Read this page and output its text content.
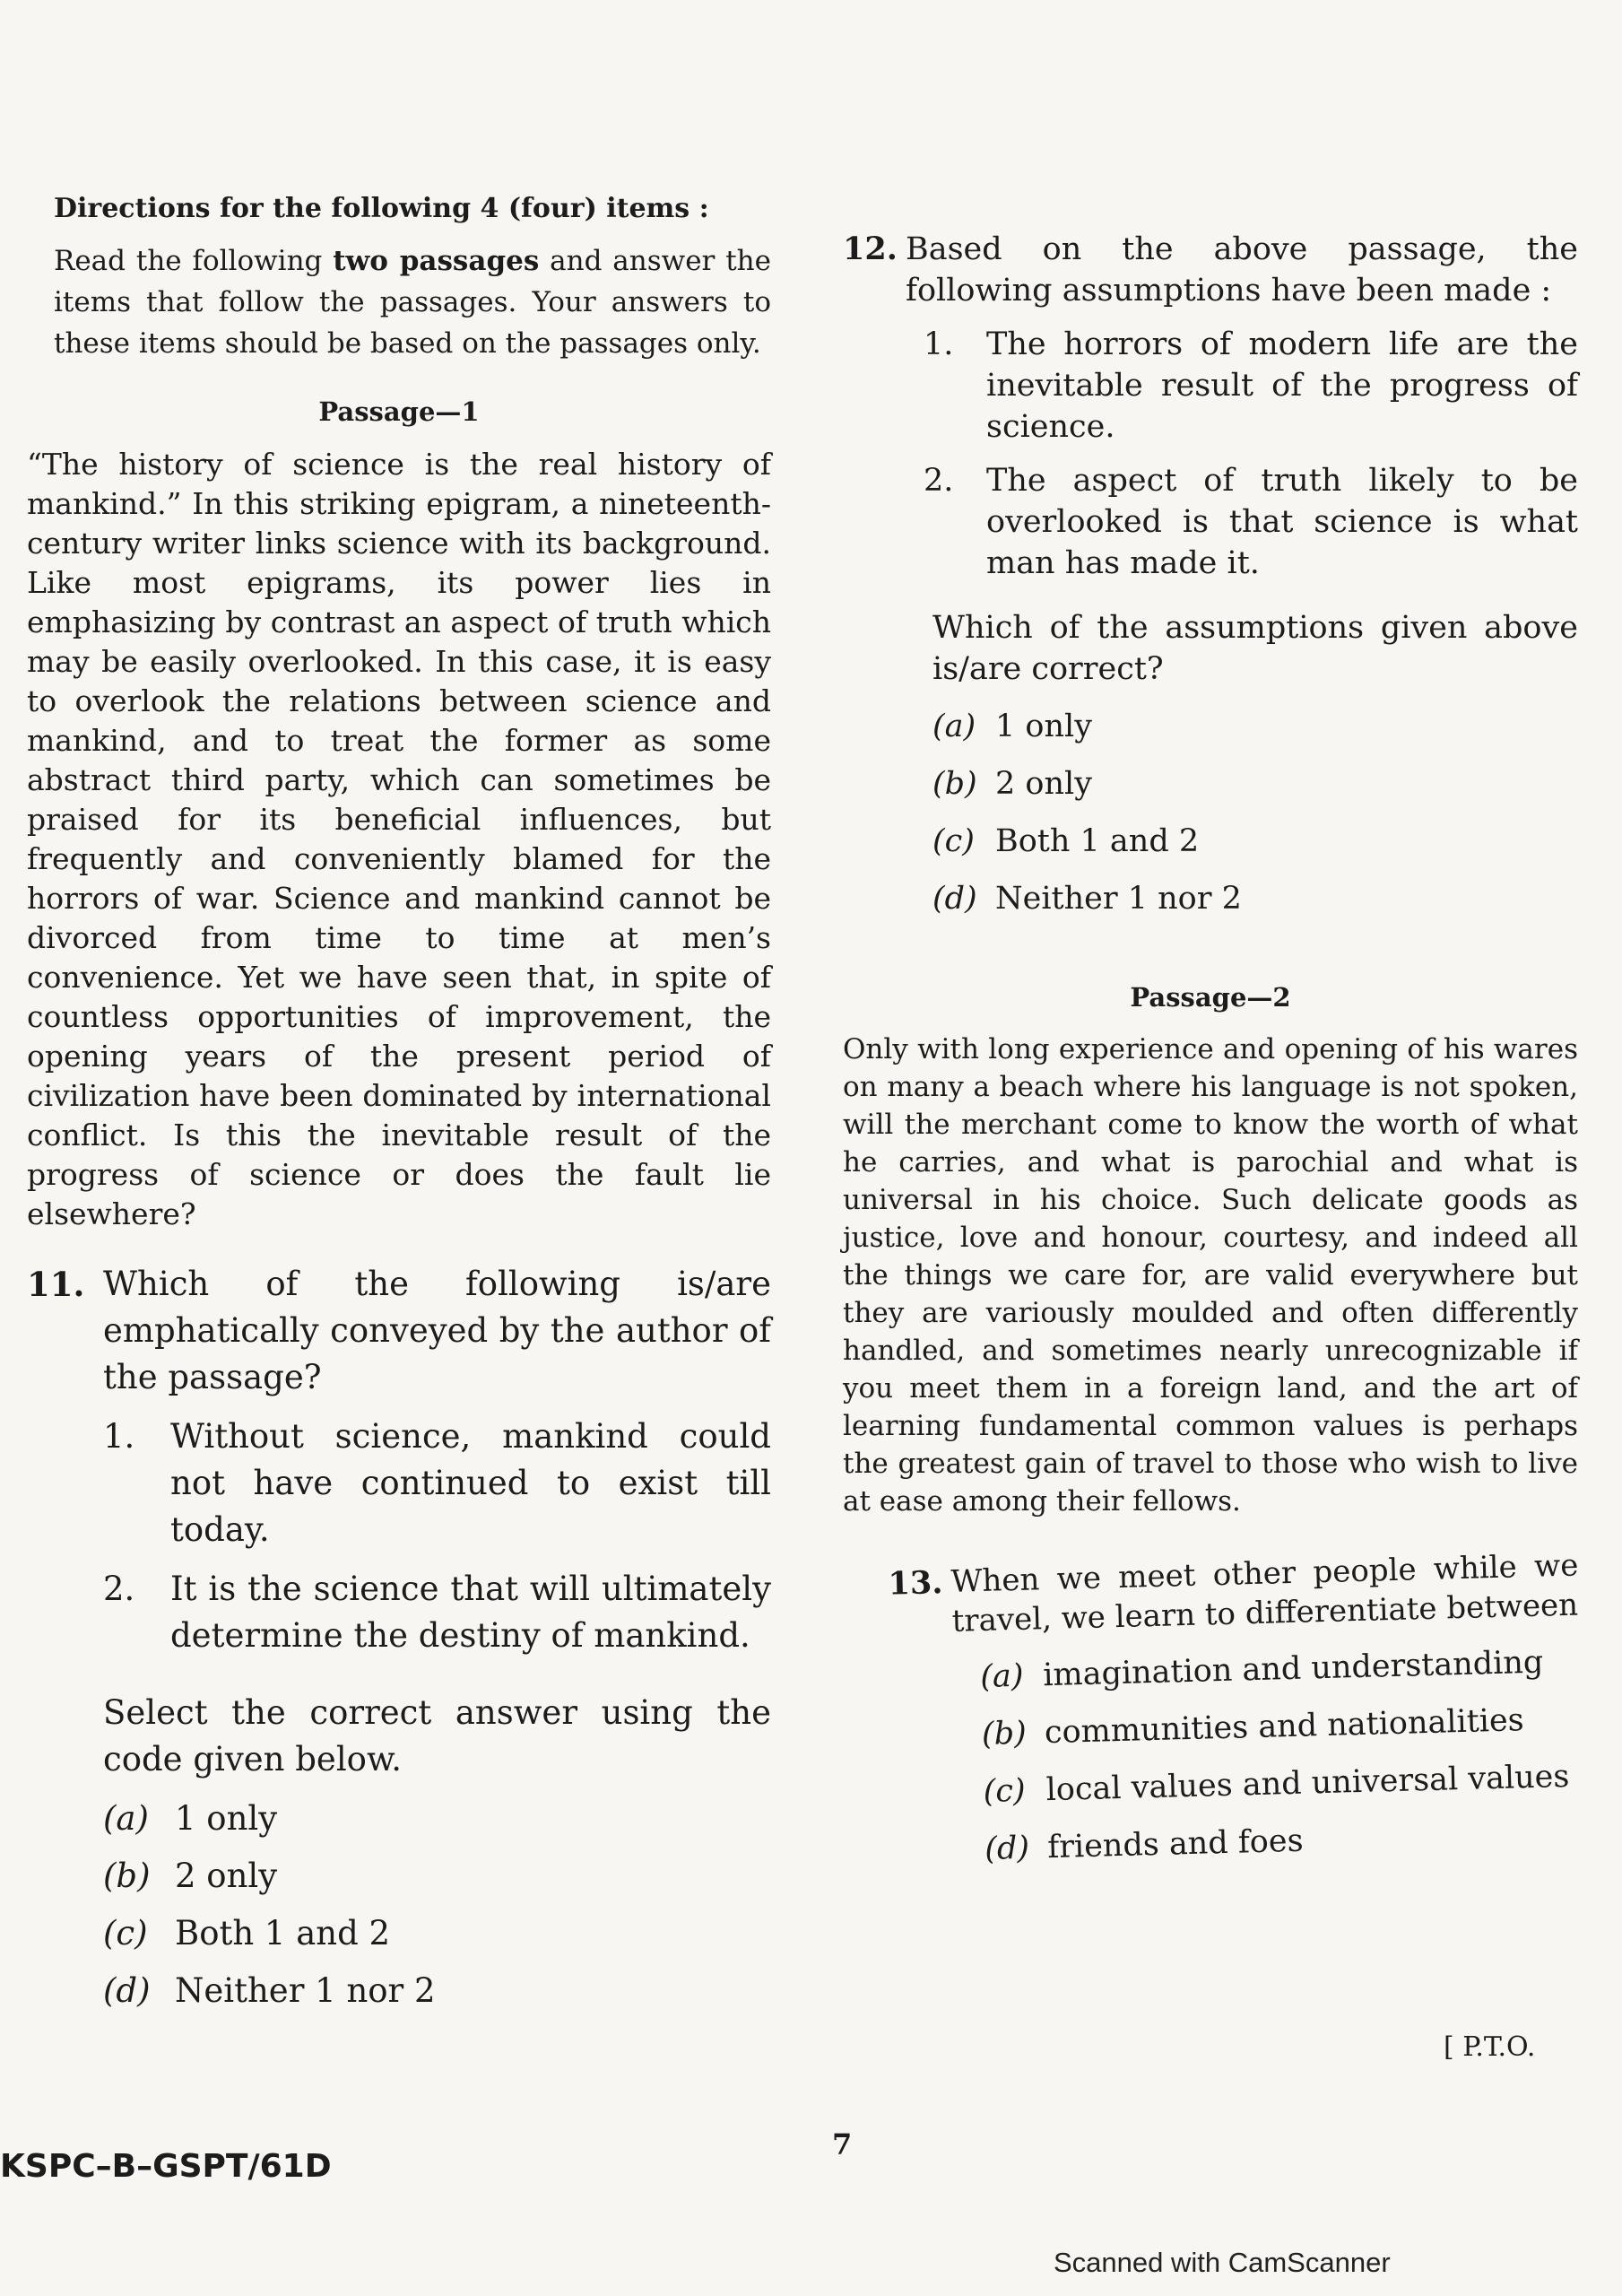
Directions for the following 4 (four) items :
Read the following two passages and answer the items that follow the passages. Your answers to these items should be based on the passages only.
Passage—1
“The history of science is the real history of mankind.” In this striking epigram, a nineteenth-century writer links science with its background. Like most epigrams, its power lies in emphasizing by contrast an aspect of truth which may be easily overlooked. In this case, it is easy to overlook the relations between science and mankind, and to treat the former as some abstract third party, which can sometimes be praised for its beneficial influences, but frequently and conveniently blamed for the horrors of war. Science and mankind cannot be divorced from time to time at men’s convenience. Yet we have seen that, in spite of countless opportunities of improvement, the opening years of the present period of civilization have been dominated by international conflict. Is this the inevitable result of the progress of science or does the fault lie elsewhere?
11. Which of the following is/are emphatically conveyed by the author of the passage?
1.	Without science, mankind could not have continued to exist till today.
2.	It is the science that will ultimately determine the destiny of mankind.
Select the correct answer using the code given below.
(a) 1 only
(b) 2 only
(c) Both 1 and 2
(d) Neither 1 nor 2
12. Based on the above passage, the following assumptions have been made :
1.	The horrors of modern life are the inevitable result of the progress of science.
2.	The aspect of truth likely to be overlooked is that science is what man has made it.
Which of the assumptions given above is/are correct?
(a) 1 only
(b) 2 only
(c) Both 1 and 2
(d) Neither 1 nor 2
Passage—2
Only with long experience and opening of his wares on many a beach where his language is not spoken, will the merchant come to know the worth of what he carries, and what is parochial and what is universal in his choice. Such delicate goods as justice, love and honour, courtesy, and indeed all the things we care for, are valid everywhere but they are variously moulded and often differently handled, and sometimes nearly unrecognizable if you meet them in a foreign land, and the art of learning fundamental common values is perhaps the greatest gain of travel to those who wish to live at ease among their fellows.
13. When we meet other people while we travel, we learn to differentiate between
(a) imagination and understanding
(b) communities and nationalities
(c) local values and universal values
(d) friends and foes
[ P.T.O.
7
KSPC–B–GSPT/61D
Scanned with CamScanner
